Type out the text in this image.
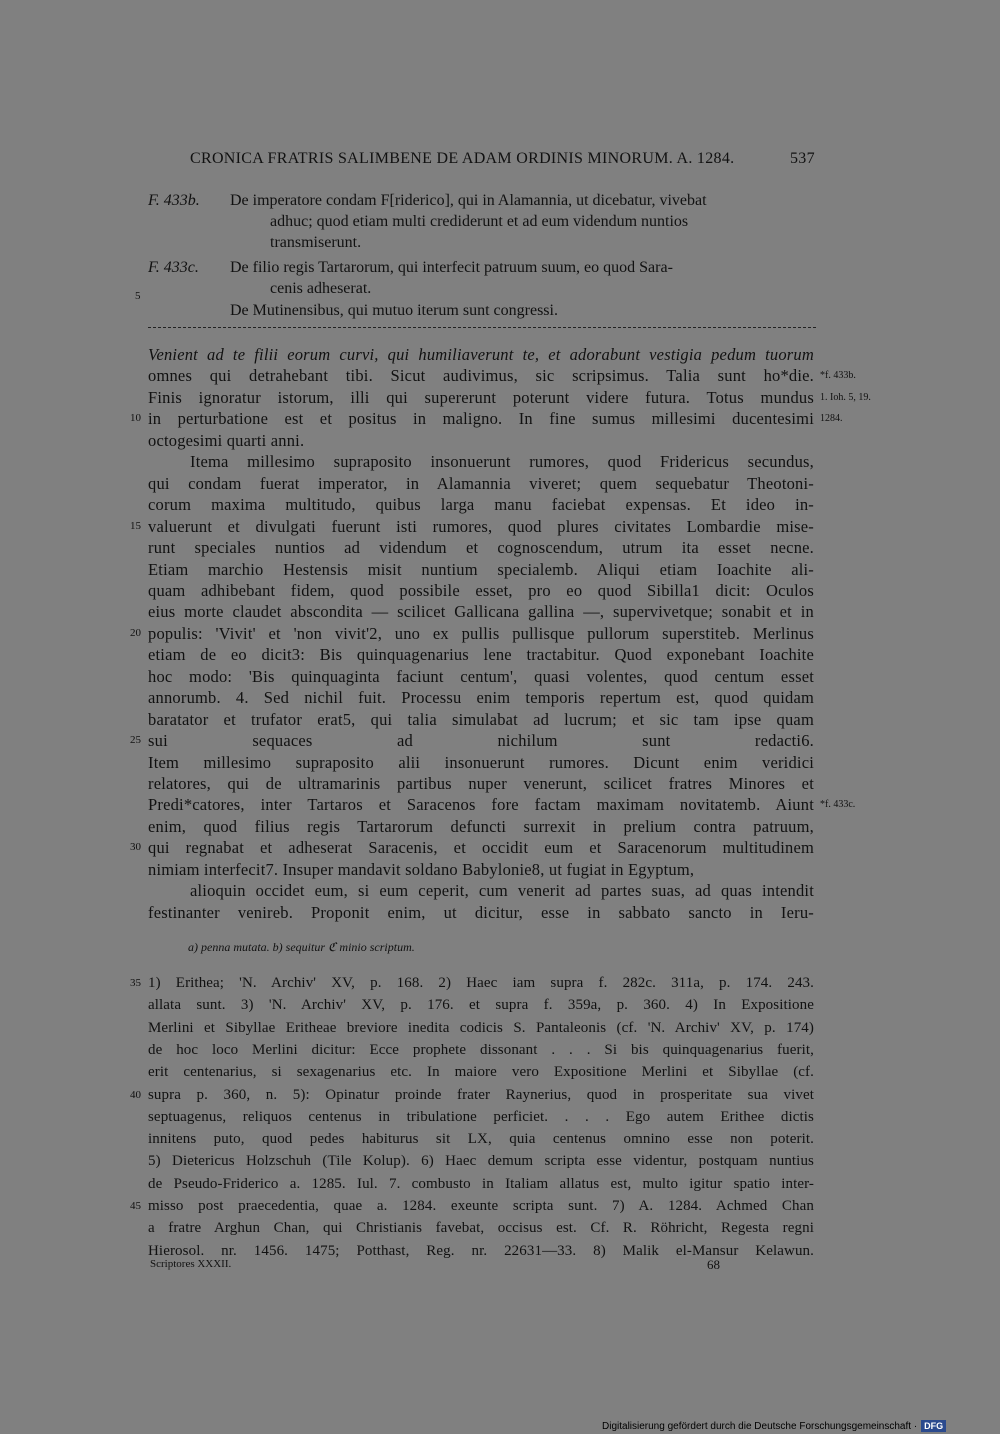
CRONICA FRATRIS SALIMBENE DE ADAM ORDINIS MINORUM. A. 1284.	537
F. 433b. De imperatore condam F[riderico], qui in Alamannia, ut dicebatur, vivebat
adhuc; quod etiam multi crediderunt et ad eum videndum nuntios
transmiserunt.
F. 433c. De filio regis Tartarorum, qui interfecit patruum suum, eo quod Sara-
cenis adheserat.
5
De Mutinensibus, qui mutuo iterum sunt congressi.
Venient ad te filii eorum curvi, qui humiliaverunt te, et adorabunt vestigia pedum tuorum
omnes qui detrahebant tibi. Sicut audivimus, sic scripsimus. Talia sunt ho*die. *f. 433b.
Finis ignoratur istorum, illi qui supererunt poterunt videre futura. Totus mundus 1. Ioh. 5, 19.
in perturbatione est et positus in maligno. In fine sumus millesimi ducentesimi
10	1284.
octogesimi quarti anni.
Itema millesimo supraposito insonuerunt rumores, quod Fridericus secundus,
qui condam fuerat imperator, in Alamannia viveret; quem sequebatur Theotoni-
corum maxima multitudo, quibus larga manu faciebat expensas. Et ideo in-
valuerunt et divulgati fuerunt isti rumores, quod plures civitates Lombardie mise-
15
runt speciales nuntios ad videndum et cognoscendum, utrum ita esset necne.
Etiam marchio Hestensis misit nuntium specialemb. Aliqui etiam Ioachite ali-
quam adhibebant fidem, quod possibile esset, pro eo quod Sibilla1 dicit: Oculos
eius morte claudet abscondita — scilicet Gallicana gallina —, supervivetque; sonabit et in
populis: 'Vivit' et 'non vivit'2, uno ex pullis pullisque pullorum superstiteb. Merlinus
20
etiam de eo dicit3: Bis quinquagenarius lene tractabitur. Quod exponebant Ioachite
hoc modo: 'Bis quinquaginta faciunt centum', quasi volentes, quod centum esset
annorumb. 4. Sed nichil fuit. Processu enim temporis repertum est, quod quidam
baratator et trufator erat5, qui talia simulabat ad lucrum; et sic tam ipse quam
sui sequaces ad nichilum sunt redacti6.
25
Item millesimo supraposito alii insonuerunt rumores. Dicunt enim veridici
relatores, qui de ultramarinis partibus nuper venerunt, scilicet fratres Minores et
Predi*catores, inter Tartaros et Saracenos fore factam maximam novitatemb. Aiunt *f. 433c.
enim, quod filius regis Tartarorum defuncti surrexit in prelium contra patruum,
qui regnabat et adheserat Saracenis, et occidit eum et Saracenorum multitudinem
30
nimiam interfecit7. Insuper mandavit soldano Babylonie8, ut fugiat in Egyptum,
alioquin occidet eum, si eum ceperit, cum venerit ad partes suas, ad quas intendit
festinanter venireb. Proponit enim, ut dicitur, esse in sabbato sancto in Ieru-
a) penna mutata. b) sequitur ℭ minio scriptum.
1) Erithea; 'N. Archiv' XV, p. 168. 2) Haec iam supra f. 282c. 311a, p. 174. 243.
35
allata sunt. 3) 'N. Archiv' XV, p. 176. et supra f. 359a, p. 360. 4) In Expositione
Merlini et Sibyllae Eritheae breviore inedita codicis S. Pantaleonis (cf. 'N. Archiv' XV, p. 174)
de hoc loco Merlini dicitur: Ecce prophete dissonant . . . Si bis quinquagenarius fuerit,
erit centenarius, si sexagenarius etc. In maiore vero Expositione Merlini et Sibyllae (cf.
supra p. 360, n. 5): Opinatur proinde frater Raynerius, quod in prosperitate sua vivet
40
septuagenus, reliquos centenus in tribulatione perficiet. . . . Ego autem Erithee dictis
innitens puto, quod pedes habiturus sit LX, quia centenus omnino esse non poterit.
5) Dietericus Holzschuh (Tile Kolup). 6) Haec demum scripta esse videntur, postquam nuntius
de Pseudo-Friderico a. 1285. Iul. 7. combusto in Italiam allatus est, multo igitur spatio inter-
misso post praecedentia, quae a. 1284. exeunte scripta sunt. 7) A. 1284. Achmed Chan
45
a fratre Arghun Chan, qui Christianis favebat, occisus est. Cf. R. Röhricht, Regesta regni
Hierosol. nr. 1456. 1475; Potthast, Reg. nr. 22631—33. 8) Malik el-Mansur Kelawun.
Scriptores XXXII.	68
Digitalisierung gefördert durch die Deutsche Forschungsgemeinschaft · DFG
